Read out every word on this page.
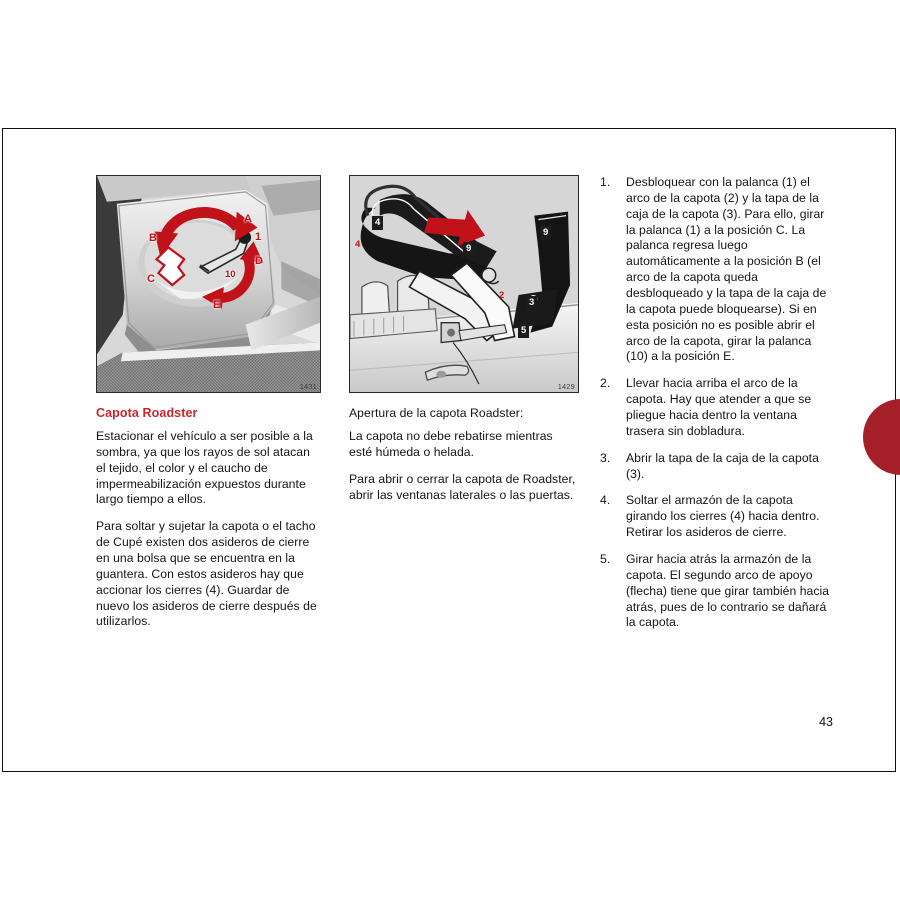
A
B
C
D
E
1
10
1431
Capota Roadster

Estacionar el vehículo a ser posible a la sombra, ya que los rayos de sol atacan el tejido, el color y el caucho de impermeabilización expuestos durante largo tiempo a ellos.

Para soltar y sujetar la capota o el tacho de Cupé existen dos asideros de cierre en una bolsa que se encuentra en la guantera. Con estos asideros hay que accionar los cierres (4). Guardar de nuevo los asideros de cierre después de utilizarlos.

4
4	9
9
2
3
5
1429
Apertura de la capota Roadster:

La capota no debe rebatirse mientras esté húmeda o helada.

Para abrir o cerrar la capota de Roadster, abrir las ventanas laterales o las puertas.

1.	Desbloquear con la palanca (1) el arco de la capota (2) y la tapa de la caja de la capota (3). Para ello, girar la palanca (1) a la posición C. La palanca regresa luego automáticamente a la posición B (el arco de la capota queda desbloqueado y la tapa de la caja de la capota puede bloquearse). Si en esta posición no es posible abrir el arco de la capota, girar la palanca (10) a la posición E.
2.	Llevar hacia arriba el arco de la capota. Hay que atender a que se pliegue hacia dentro la ventana trasera sin dobladura.
3.	Abrir la tapa de la caja de la capota (3).
4.	Soltar el armazón de la capota girando los cierres (4) hacia dentro. Retirar los asideros de cierre.
5.	Girar hacia atrás la armazón de la capota. El segundo arco de apoyo (flecha) tiene que girar también hacia atrás, pues de lo contrario se dañará la capota.
43
